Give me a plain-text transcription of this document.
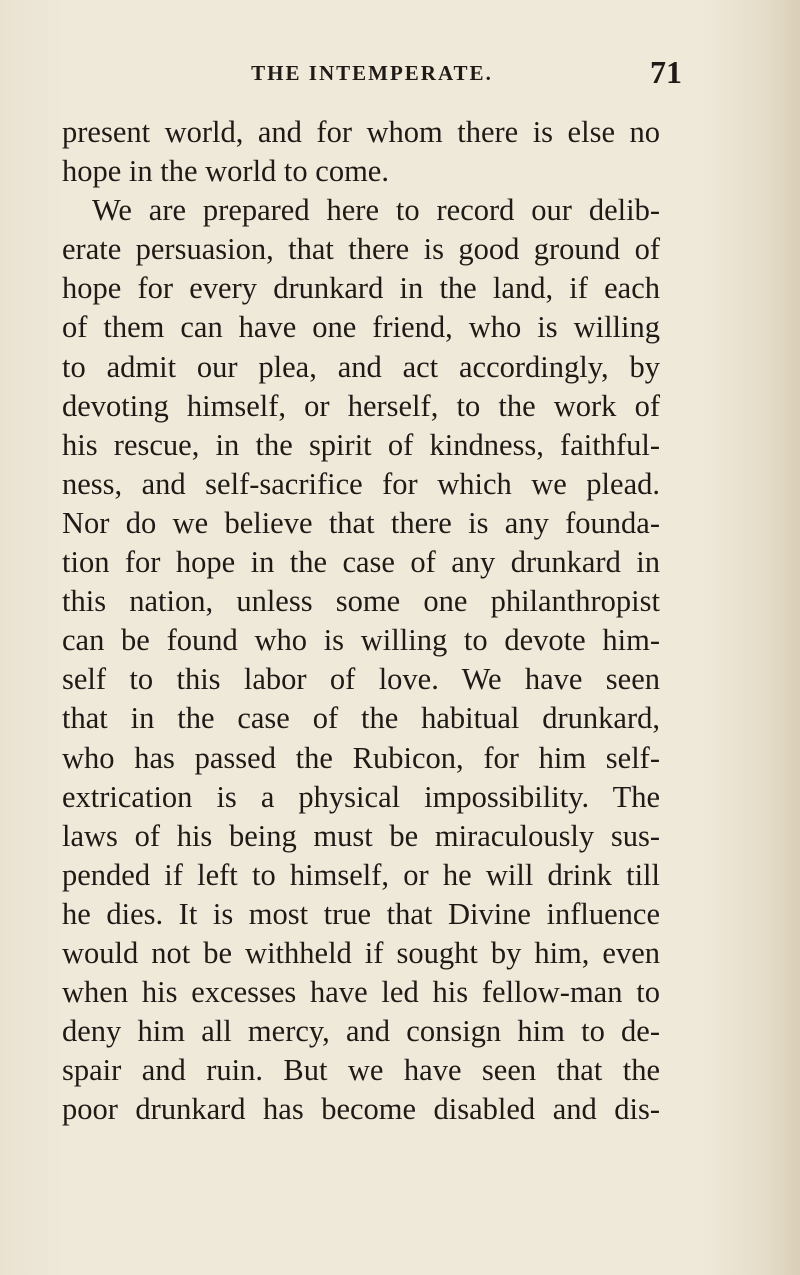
THE INTEMPERATE.	71
present world, and for whom there is else no
hope in the world to come.
We are prepared here to record our delib-
erate persuasion, that there is good ground of
hope for every drunkard in the land, if each
of them can have one friend, who is willing
to admit our plea, and act accordingly, by
devoting himself, or herself, to the work of
his rescue, in the spirit of kindness, faithful-
ness, and self-sacrifice for which we plead.
Nor do we believe that there is any founda-
tion for hope in the case of any drunkard in
this nation, unless some one philanthropist
can be found who is willing to devote him-
self to this labor of love. We have seen
that in the case of the habitual drunkard,
who has passed the Rubicon, for him self-
extrication is a physical impossibility. The
laws of his being must be miraculously sus-
pended if left to himself, or he will drink till
he dies. It is most true that Divine influence
would not be withheld if sought by him, even
when his excesses have led his fellow-man to
deny him all mercy, and consign him to de-
spair and ruin. But we have seen that the
poor drunkard has become disabled and dis-
